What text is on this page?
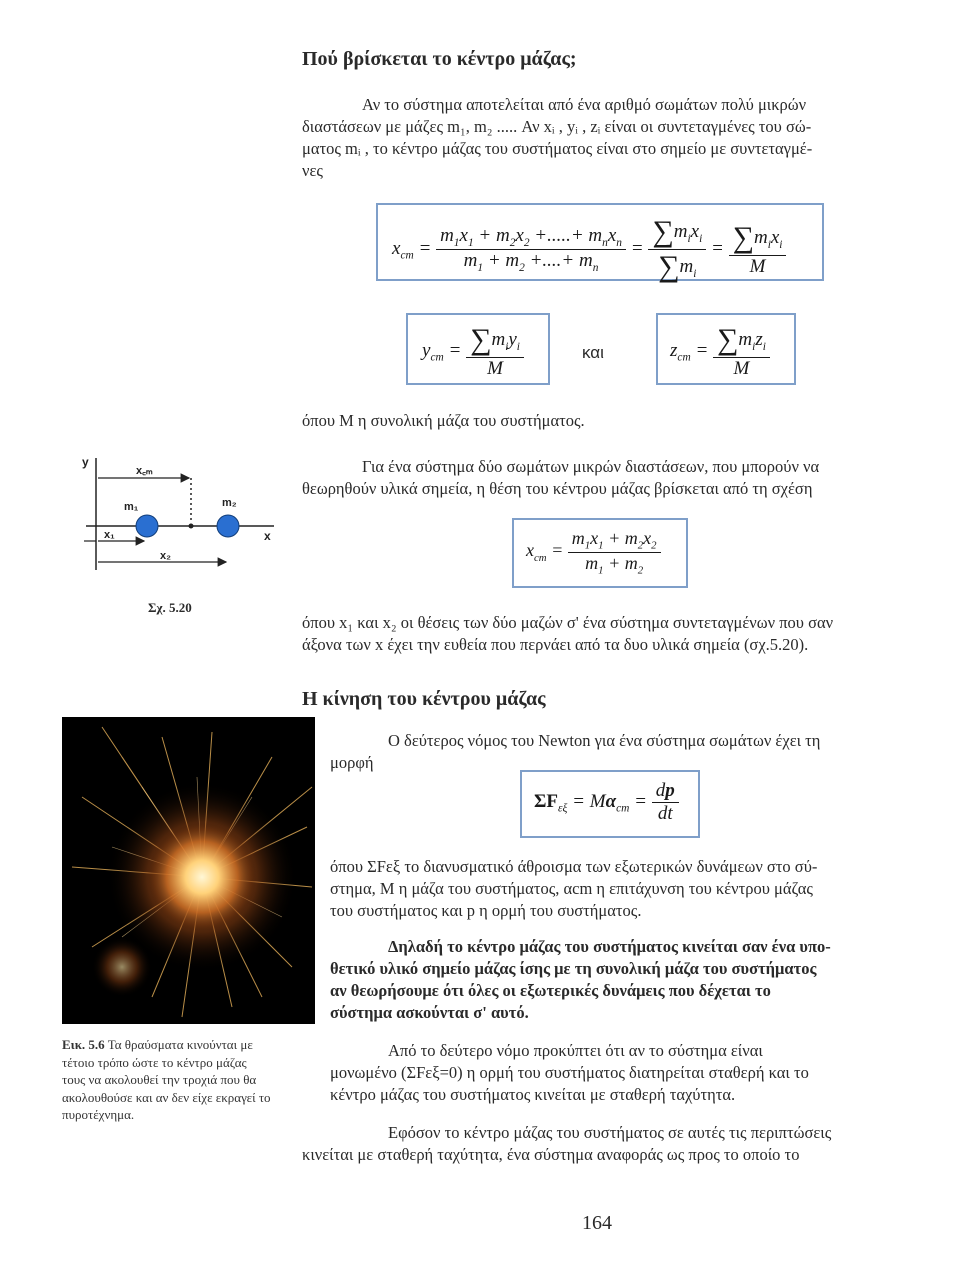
Πού βρίσκεται το κέντρο μάζας;
Αν το σύστημα αποτελείται από ένα αριθμό σωμάτων πολύ μικρών
διαστάσεων με μάζες m₁, m₂ ..... Αν xᵢ , yᵢ , zᵢ είναι οι συντεταγμένες του σώ-
ματος mᵢ , το κέντρο μάζας του συστήματος είναι στο σημείο με συντεταγμέ-
νες
$x_{cm} = \frac{m_1x_1 + m_2x_2 +.....+ m_nx_n}{m_1 + m_2 +....+ m_n} = \frac{\sum m_ix_i}{\sum m_i} = \frac{\sum m_ix_i}{M}$
$y_{cm} = \frac{\sum m_iy_i}{M}$	και	$z_{cm} = \frac{\sum m_iz_i}{M}$
όπου M η συνολική μάζα του συστήματος.
Για ένα σύστημα δύο σωμάτων μικρών διαστάσεων, που μπορούν να
θεωρηθούν υλικά σημεία, η θέση του κέντρου μάζας βρίσκεται από τη σχέση
y
x
x꜀ₘ
m₁	m₂
x₁
x₂	$x_{cm} = \frac{m_1x_1 + m_2x_2}{m_1 + m_2}$
Σχ. 5.20
όπου x₁ και x₂ οι θέσεις των δύο μαζών σ' ένα σύστημα συντεταγμένων που σαν
άξονα των x έχει την ευθεία που περνάει από τα δυο υλικά σημεία (σχ.5.20).
Η κίνηση του κέντρου μάζας
Εικ. 5.6 Τα θραύσματα κινούνται με
τέτοιο τρόπο ώστε το κέντρο μάζας
τους να ακολουθεί την τροχιά που θα
ακολουθούσε και αν δεν είχε εκραγεί το
πυροτέχνημα.
Ο δεύτερος νόμος του Newton για ένα σύστημα σωμάτων έχει τη
μορφή
$\Sigma F_{\varepsilon\xi} = M\alpha_{cm} = \frac{dp}{dt}$
όπου ΣFεξ το διανυσματικό άθροισμα των εξωτερικών δυνάμεων στο σύ-
στημα, M η μάζα του συστήματος, αcm η επιτάχυνση του κέντρου μάζας
του συστήματος και p η ορμή του συστήματος.
Δηλαδή το κέντρο μάζας του συστήματος κινείται σαν ένα υπο-
θετικό υλικό σημείο μάζας ίσης με τη συνολική μάζα του συστήματος
αν θεωρήσουμε ότι όλες οι εξωτερικές δυνάμεις που δέχεται το
σύστημα ασκούνται σ' αυτό.
Από το δεύτερο νόμο προκύπτει ότι αν το σύστημα είναι
μονωμένο (ΣFεξ=0) η ορμή του συστήματος διατηρείται σταθερή και το
κέντρο μάζας του συστήματος κινείται με σταθερή ταχύτητα.
Εφόσον το κέντρο μάζας του συστήματος σε αυτές τις περιπτώσεις
κινείται με σταθερή ταχύτητα, ένα σύστημα αναφοράς ως προς το οποίο το
164
